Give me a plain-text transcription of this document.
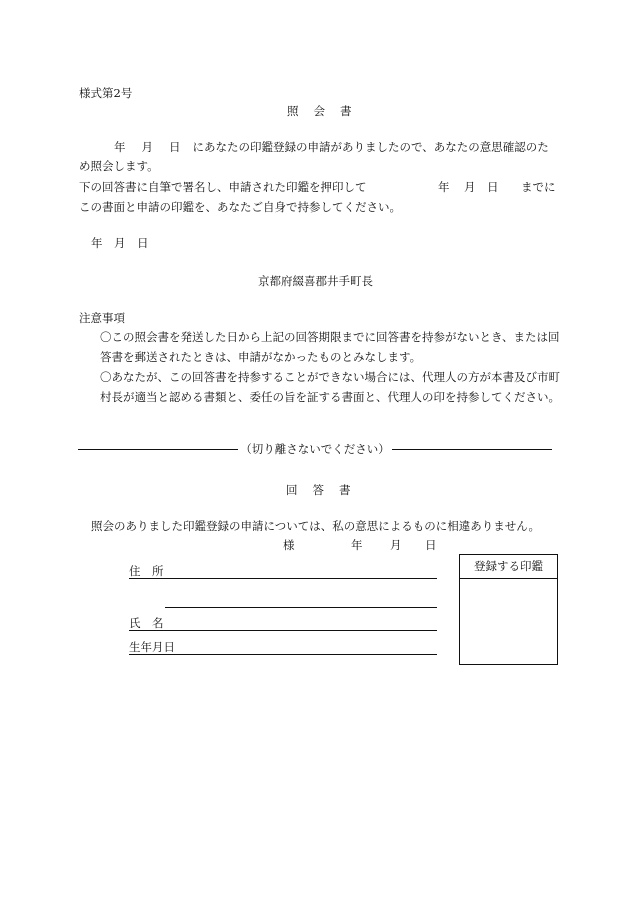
様式第2号
照会書
年 月 日 にあなたの印鑑登録の申請がありましたので、あなたの意思確認のため照会します。
下の回答書に自筆で署名し、申請された印鑑を押印して	年 月 日 までに
この書面と申請の印鑑を、あなたご自身で持参してください。
年 月 日
京都府綴喜郡井手町長
注意事項
〇この照会書を発送した日から上記の回答期限までに回答書を持参がないとき、または回答書を郵送されたときは、申請がなかったものとみなします。
〇あなたが、この回答書を持参することができない場合には、代理人の方が本書及び市町村長が適当と認める書類と、委任の旨を証する書面と、代理人の印を持参してください。
（切り離さないでください）
回答書
照会のありました印鑑登録の申請については、私の意思によるものに相違ありません。
様	年 月 日
住　所
氏　名
生年月日
登録する印鑑
